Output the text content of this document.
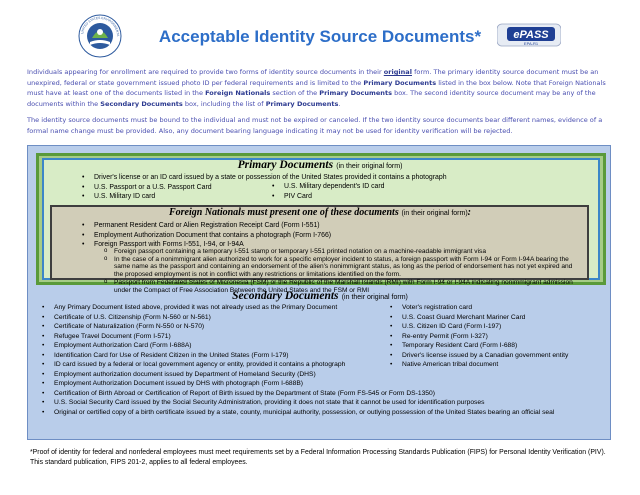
UNITED STATES ENVIRONMENTA	Acceptable Identity Source Documents*	ePASS
EPA-R1

Individuals appearing for enrollment are required to provide two forms of identity source documents in their original form. The primary identity source document must be an unexpired, federal or state government issued photo ID per federal requirements and is limited to the Primary Documents listed in the box below. Note that Foreign Nationals must have at least one of the documents listed in the Foreign Nationals section of the Primary Documents box. The second identity source document may be any of the documents within the Secondary Documents box, including the list of Primary Documents.

The identity source documents must be bound to the individual and must not be expired or canceled. If the two identity source documents bear different names, evidence of a formal name change must be provided. Also, any document bearing language indicating it may not be used for identity verification will be rejected.

Primary Documents (in their original form)
• Driver's license or an ID card issued by a state or possession of the United States provided it contains a photograph
• U.S. Passport or a U.S. Passport Card
• U.S. Military ID card
• U.S. Military dependent's ID card
• PIV Card
Foreign Nationals must present one of these documents (in their original form):
• Permanent Resident Card or Alien Registration Receipt Card (Form I-551)
• Employment Authorization Document that contains a photograph (Form I-766)
• Foreign Passport with Forms I-551, I-94, or I-94A
o Foreign passport containing a temporary I-551 stamp or temporary I-551 printed notation on a machine-readable immigrant visa
o In the case of a nonimmigrant alien authorized to work for a specific employer incident to status, a foreign passport with Form I-94 or Form I-94A bearing the same name as the passport and containing an endorsement of the alien's nonimmigrant status, as long as the period of endorsement has not yet expired and the proposed employment is not in conflict with any restrictions or limitations identified on the form.
o Passport from Federated States of Micronesia (FSM) or the Republic of the Marshall Islands (RMI) with Form I-94 or I-94A indicating nonimmigrant admission under the Compact of Free Association Between the United States and the FSM or RMI
Secondary Documents (in their original form)
• Any Primary Document listed above, provided it was not already used as the Primary Document
• Certificate of U.S. Citizenship (Form N-560 or N-561)
• Certificate of Naturalization (Form N-550 or N-570)
• Refugee Travel Document (Form I-571)
• Employment Authorization Card (Form I-688A)
• Identification Card for Use of Resident Citizen in the United States (Form I-179)
• ID card issued by a federal or local government agency or entity, provided it contains a photograph
• Employment authorization document issued by Department of Homeland Security (DHS)
• Employment Authorization Document issued by DHS with photograph (Form I-688B)
• Certification of Birth Abroad or Certification of Report of Birth issued by the Department of State (Form FS-545 or Form DS-1350)
• U.S. Social Security Card issued by the Social Security Administration, providing it does not state that it cannot be used for identification purposes
• Original or certified copy of a birth certificate issued by a state, county, municipal authority, possession, or outlying possession of the United States bearing an official seal
• Voter's registration card
• U.S. Coast Guard Merchant Mariner Card
• U.S. Citizen ID Card (Form I-197)
• Re-entry Permit (Form I-327)
• Temporary Resident Card (Form I-688)
• Driver's license issued by a Canadian government entity
• Native American tribal document
*Proof of identity for federal and nonfederal employees must meet requirements set by a Federal Information Processing Standards Publication (FIPS) for Personal Identity Verification (PIV). This standard publication, FIPS 201-2, applies to all federal employees.
